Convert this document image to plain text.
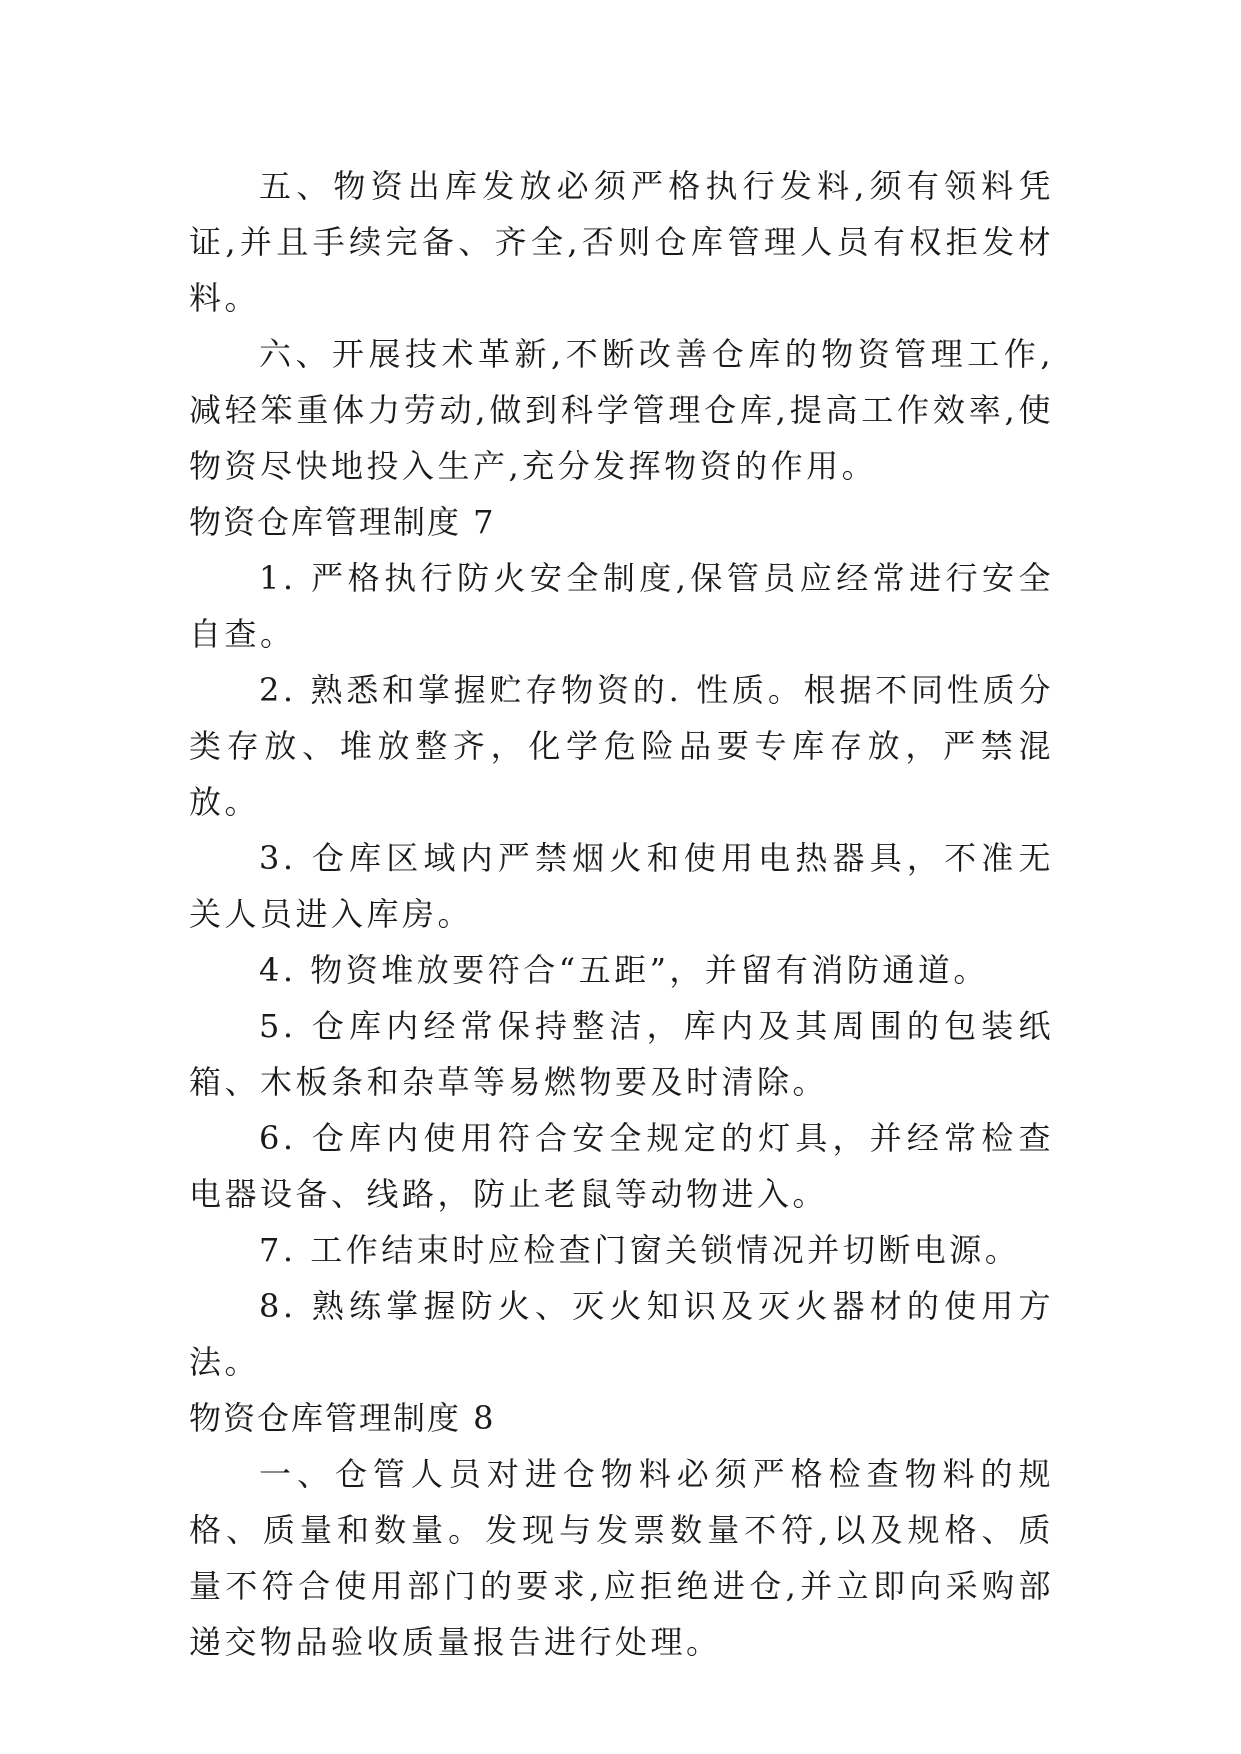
五、物资出库发放必须严格执行发料,须有领料凭证,并且手续完备、齐全,否则仓库管理人员有权拒发材料。

六、开展技术革新,不断改善仓库的物资管理工作,减轻笨重体力劳动,做到科学管理仓库,提高工作效率,使物资尽快地投入生产,充分发挥物资的作用。

物资仓库管理制度 7

1. 严格执行防火安全制度,保管员应经常进行安全自查。

2. 熟悉和掌握贮存物资的. 性质。根据不同性质分类存放、堆放整齐，化学危险品要专库存放，严禁混放。

3. 仓库区域内严禁烟火和使用电热器具，不准无关人员进入库房。

4. 物资堆放要符合“五距”，并留有消防通道。

5. 仓库内经常保持整洁，库内及其周围的包装纸箱、木板条和杂草等易燃物要及时清除。

6. 仓库内使用符合安全规定的灯具，并经常检查电器设备、线路，防止老鼠等动物进入。

7. 工作结束时应检查门窗关锁情况并切断电源。

8. 熟练掌握防火、灭火知识及灭火器材的使用方法。

物资仓库管理制度 8

一、仓管人员对进仓物料必须严格检查物料的规格、质量和数量。发现与发票数量不符,以及规格、质量不符合使用部门的要求,应拒绝进仓,并立即向采购部递交物品验收质量报告进行处理。
